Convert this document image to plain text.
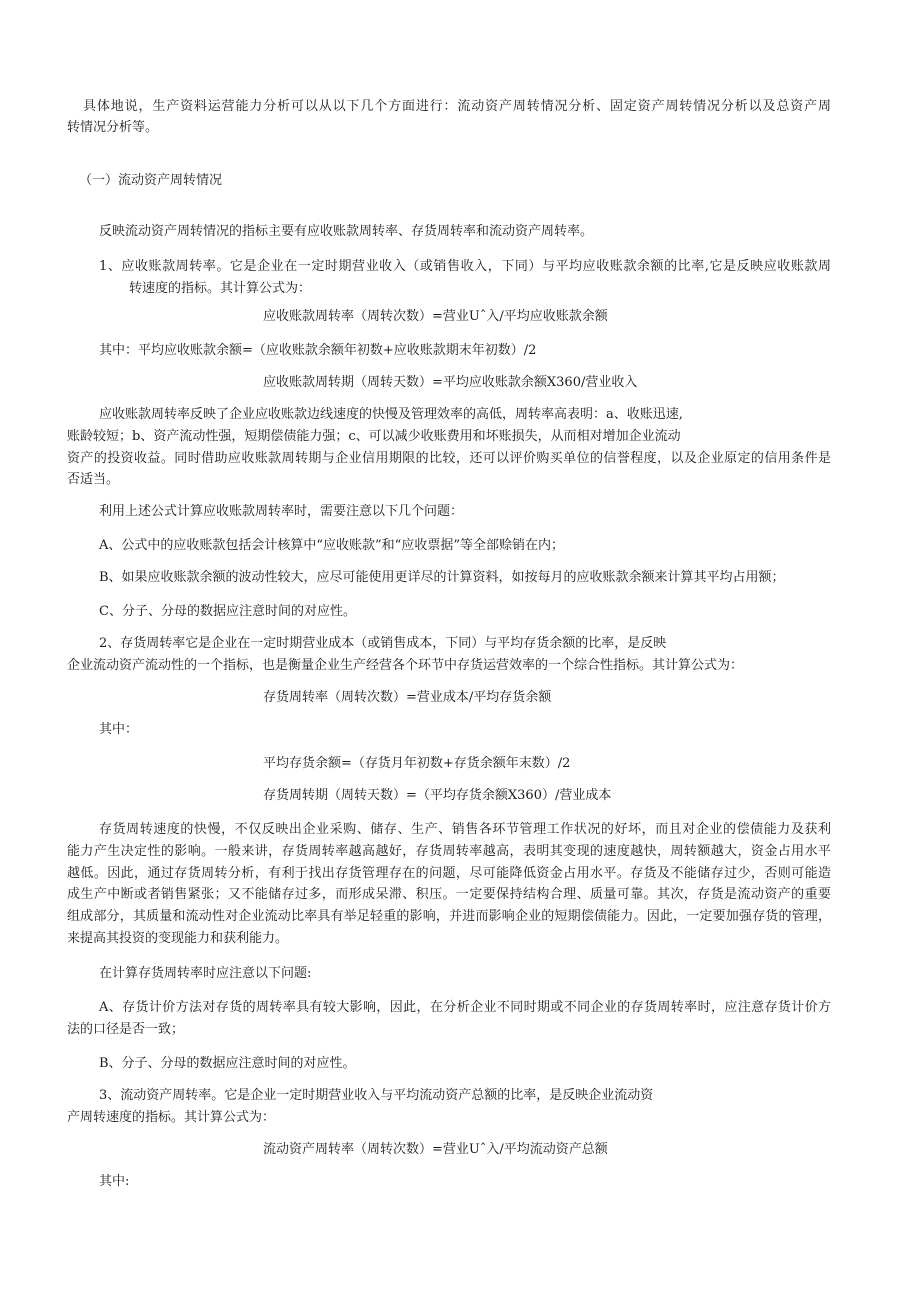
具体地说，生产资料运营能力分析可以从以下几个方面进行：流动资产周转情况分析、固定资产周转情况分析以及总资产周
转情况分析等。
（一）流动资产周转情况
反映流动资产周转情况的指标主要有应收账款周转率、存货周转率和流动资产周转率。
1、应收账款周转率。它是企业在一定时期营业收入（或销售收入，下同）与平均应收账款余额的比率,它是反映应收账款周
转速度的指标。其计算公式为：
应收账款周转率（周转次数）=营业Uˆ入/平均应收账款余额
其中：平均应收账款余额=（应收账款余额年初数+应收账款期末年初数）/2
应收账款周转期（周转天数）=平均应收账款余额X360/营业收入
应收账款周转率反映了企业应收账款边线速度的快慢及管理效率的高低，周转率高表明：a、收账迅速,
账龄较短；b、资产流动性强，短期偿债能力强；c、可以减少收账费用和坏账损失，从而相对增加企业流动
资产的投资收益。同时借助应收账款周转期与企业信用期限的比较，还可以评价购买单位的信誉程度，以及企业原定的信用条件是
否适当。
利用上述公式计算应收账款周转率时，需要注意以下几个问题：
A、公式中的应收账款包括会计核算中“应收账款”和“应收票据”等全部赊销在内；
B、如果应收账款余额的波动性较大，应尽可能使用更详尽的计算资料，如按每月的应收账款余额来计算其平均占用额；
C、分子、分母的数据应注意时间的对应性。
2、存货周转率它是企业在一定时期营业成本（或销售成本，下同）与平均存货余额的比率，是反映
企业流动资产流动性的一个指标，也是衡量企业生产经营各个环节中存货运营效率的一个综合性指标。其计算公式为：
存货周转率（周转次数）=营业成本/平均存货余额
其中：
平均存货余额=（存货月年初数+存货余额年末数）/2
存货周转期（周转天数）=（平均存货余额X360）/营业成本
存货周转速度的快慢，不仅反映出企业采购、储存、生产、销售各环节管理工作状况的好坏，而且对企业的偿债能力及获利
能力产生决定性的影响。一般来讲，存货周转率越高越好，存货周转率越高，表明其变现的速度越快，周转额越大，资金占用水平
越低。因此，通过存货周转分析，有利于找出存货管理存在的问题，尽可能降低资金占用水平。存货及不能储存过少，否则可能造
成生产中断或者销售紧张；又不能储存过多，而形成呆滞、积压。一定要保持结构合理、质量可靠。其次，存货是流动资产的重要
组成部分，其质量和流动性对企业流动比率具有举足轻重的影响，并进而影响企业的短期偿债能力。因此，一定要加强存货的管理，
来提高其投资的变现能力和获利能力。
在计算存货周转率时应注意以下问题:
A、存货计价方法对存货的周转率具有较大影响，因此，在分析企业不同时期或不同企业的存货周转率时，应注意存货计价方
法的口径是否一致；
B、分子、分母的数据应注意时间的对应性。
3、流动资产周转率。它是企业一定时期营业收入与平均流动资产总额的比率，是反映企业流动资
产周转速度的指标。其计算公式为：
流动资产周转率（周转次数）=营业Uˆ入/平均流动资产总额
其中:
